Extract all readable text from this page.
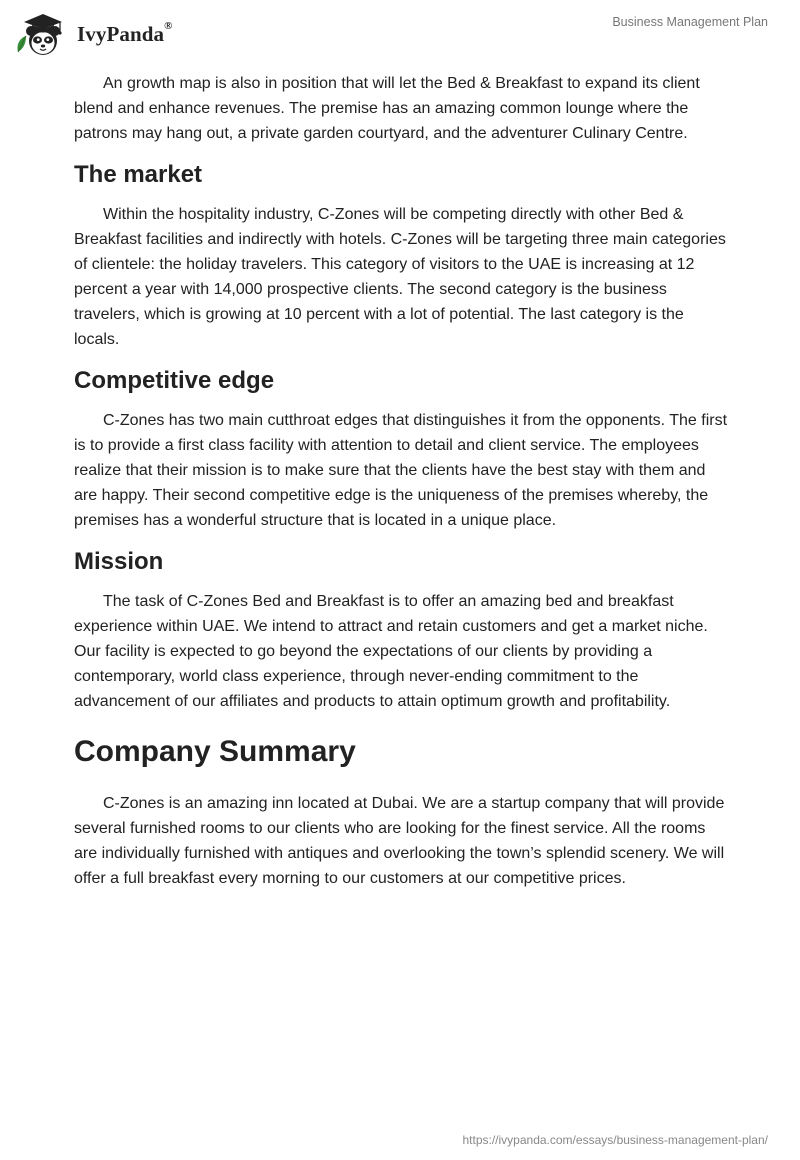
IvyPanda®	Business Management Plan

An growth map is also in position that will let the Bed & Breakfast to expand its client blend and enhance revenues. The premise has an amazing common lounge where the patrons may hang out, a private garden courtyard, and the adventurer Culinary Centre.

The market

Within the hospitality industry, C-Zones will be competing directly with other Bed & Breakfast facilities and indirectly with hotels. C-Zones will be targeting three main categories of clientele: the holiday travelers. This category of visitors to the UAE is increasing at 12 percent a year with 14,000 prospective clients. The second category is the business travelers, which is growing at 10 percent with a lot of potential. The last category is the locals.

Competitive edge

C-Zones has two main cutthroat edges that distinguishes it from the opponents. The first is to provide a first class facility with attention to detail and client service. The employees realize that their mission is to make sure that the clients have the best stay with them and are happy. Their second competitive edge is the uniqueness of the premises whereby, the premises has a wonderful structure that is located in a unique place.

Mission

The task of C-Zones Bed and Breakfast is to offer an amazing bed and breakfast experience within UAE. We intend to attract and retain customers and get a market niche. Our facility is expected to go beyond the expectations of our clients by providing a contemporary, world class experience, through never-ending commitment to the advancement of our affiliates and products to attain optimum growth and profitability.

Company Summary

C-Zones is an amazing inn located at Dubai. We are a startup company that will provide several furnished rooms to our clients who are looking for the finest service. All the rooms are individually furnished with antiques and overlooking the town’s splendid scenery. We will offer a full breakfast every morning to our customers at our competitive prices.

https://ivypanda.com/essays/business-management-plan/
